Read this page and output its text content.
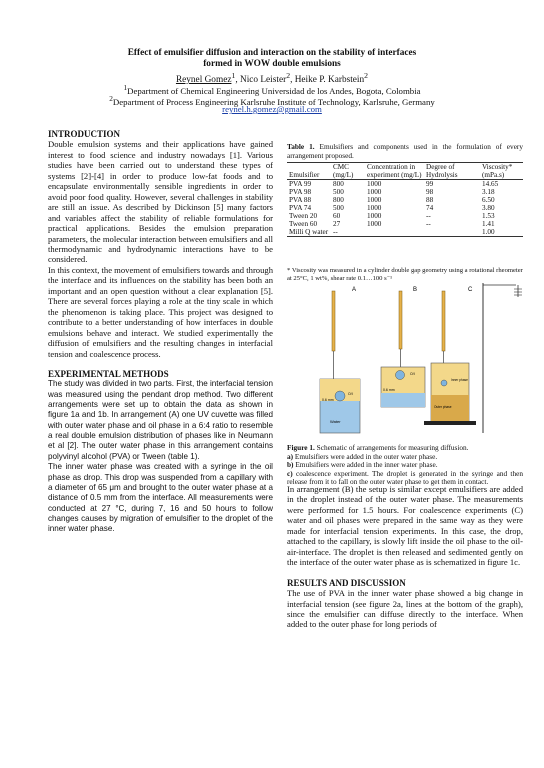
Effect of emulsifier diffusion and interaction on the stability of interfaces
formed in WOW double emulsions
Reynel Gomez$^1$, Nico Leister$^2$, Heike P. Karbstein$^2$
$^1$Department of Chemical Engineering Universidad de los Andes, Bogota, Colombia
$^2$Department of Process Engineering Karlsruhe Institute of Technology, Karlsruhe, Germany
reynel.h.gomez@gmail.com

INTRODUCTION

Double emulsion systems and their applications have gained interest to food science and industry nowadays [1]. Various studies have been carried out to understand these types of systems [2]-[4] in order to produce low-fat foods and to encapsulate environmentally sensible ingredients in order to avoid poor food quality. However, several challenges in stability are still an issue. As described by Dickinson [5] many factors and variables affect the stability of reliable formulations for practical applications. Besides the emulsion preparation parameters, the molecular interaction between emulsifiers and all thermodynamic and hydrodynamic interactions have to be considered.

In this context, the movement of emulsifiers towards and through the interface and its influences on the stability has been both an important and an open question without a clear explanation [5]. There are several forces playing a role at the tiny scale in which the phenomenon is taking place. This project was designed to contribute to a better understanding of how interfaces in double emulsions behave and interact. We studied experimentally the diffusion of emulsifiers and the resulting changes in interfacial tension and coalescence process.

EXPERIMENTAL METHODS

The study was divided in two parts. First, the interfacial tension was measured using the pendant drop method. Two different arrangements were set up to obtain the data as shown in figure 1a and 1b. In arrangement (A) one UV cuvette was filled with outer water phase and oil phase in a 6:4 ratio to resemble a real double emulsion distribution of phases like in Neumann et al [2]. The outer water phase in this arrangement contains polyvinyl alcohol (PVA) or Tween (table 1).

The inner water phase was created with a syringe in the oil phase as drop. This drop was suspended from a capillary with a diameter of 65 μm and brought to the outer water phase at a distance of 0.5 mm from the interface. All measurements were conducted at 27 °C, during 7, 16 and 50 hours to follow changes causes by migration of emulsifier to the droplet of the inner water phase.

Table 1. Emulsifiers and components used in the formulation of every arrangement proposed.
Emulsifier	CMC (mg/L)	Concentration in experiment (mg/L)	Degree of Hydrolysis	Viscosity* (mPa.s)
PVA 99	800	1000	99	14.65
PVA 98	500	1000	98	3.18
PVA 88	800	1000	88	6.50
PVA 74	500	1000	74	3.80
Tween 20	60	1000	--	1.53
Tween 60	27	1000	--	1.41
Milli Q water	--			1.00
* Viscosity was measured in a cylinder double gap geometry using a rotational rheometer at 25°C, 1 wt%, shear rate 0.1…100 s⁻¹
A
0.6 mm
O/I
Water
B
0.6 mm
O/I
C
Inner phase
Outer phase

Figure 1. Schematic of arrangements for measuring diffusion.

a) Emulsifiers were added in the outer water phase.

b) Emulsifiers were added in the inner water phase.

c) coalescence experiment. The droplet is generated in the syringe and then release from it to fall on the outer water phase to get them in contact.

In arrangement (B) the setup is similar except emulsifiers are added in the droplet instead of the outer water phase. The measurements were performed for 1.5 hours. For coalescence experiments (C) water and oil phases were prepared in the same way as they were made for interfacial tension experiments. In this case, the drop, attached to the capillary, is slowly lift inside the oil phase to the oil-air-interface. The droplet is then released and sedimented gently on the interface of the outer water phase as is schematized in figure 1c.

RESULTS AND DISCUSSION

The use of PVA in the inner water phase showed a big change in interfacial tension (see figure 2a, lines at the bottom of the graph), since the emulsifier can diffuse directly to the interface. When added to the outer phase for long periods of
